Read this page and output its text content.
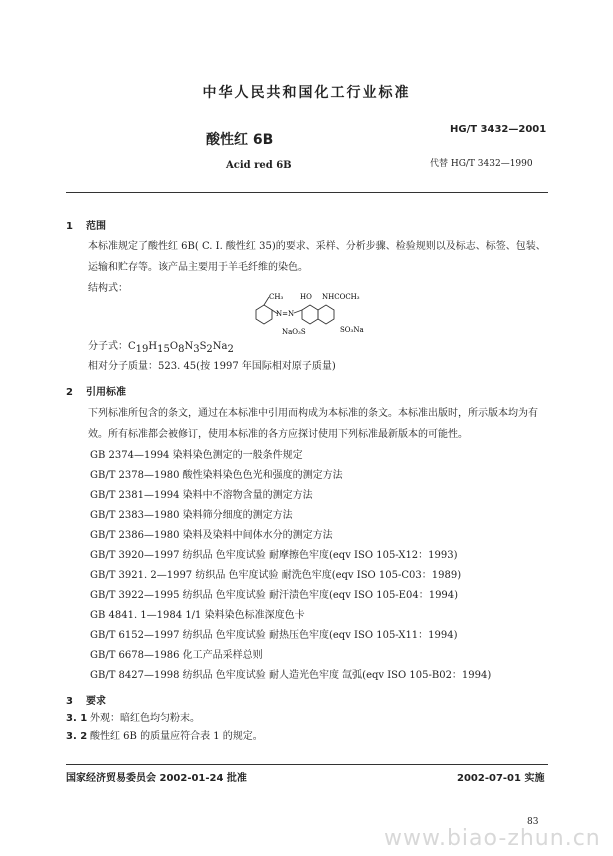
中华人民共和国化工行业标准
酸性红 6B
Acid red 6B
HG/T 3432—2001
代替 HG/T 3432—1990
1 范围
本标准规定了酸性红 6B( C. I. 酸性红 35)的要求、采样、分析步骤、检验规则以及标志、标签、包装、运输和贮存等。该产品主要用于羊毛纤维的染色。
结构式：
CH₃
N=N
HO NHCOCH₃
NaO₃S	SO₃Na
分子式：$C_{19}H_{15}O_8N_3S_2Na_2$
相对分子质量：523. 45(按 1997 年国际相对原子质量)
2 引用标准
下列标准所包含的条文，通过在本标准中引用而构成为本标准的条文。本标准出版时，所示版本均为有效。所有标准都会被修订，使用本标准的各方应探讨使用下列标准最新版本的可能性。
GB 2374—1994 染料染色测定的一般条件规定
GB/T 2378—1980 酸性染料染色色光和强度的测定方法
GB/T 2381—1994 染料中不溶物含量的测定方法
GB/T 2383—1980 染料筛分细度的测定方法
GB/T 2386—1980 染料及染料中间体水分的测定方法
GB/T 3920—1997 纺织品 色牢度试验 耐摩擦色牢度(eqv ISO 105-X12：1993)
GB/T 3921. 2—1997 纺织品 色牢度试验 耐洗色牢度(eqv ISO 105-C03：1989)
GB/T 3922—1995 纺织品 色牢度试验 耐汗渍色牢度(eqv ISO 105-E04：1994)
GB 4841. 1—1984 1/1 染料染色标准深度色卡
GB/T 6152—1997 纺织品 色牢度试验 耐热压色牢度(eqv ISO 105-X11：1994)
GB/T 6678—1986 化工产品采样总则
GB/T 8427—1998 纺织品 色牢度试验 耐人造光色牢度 氙弧(eqv ISO 105-B02：1994)
3 要求
3. 1 外观：暗红色均匀粉末。
3. 2 酸性红 6B 的质量应符合表 1 的规定。
国家经济贸易委员会 2002-01-24 批准	2002-07-01 实施
83
www.biao-zhun.cn
